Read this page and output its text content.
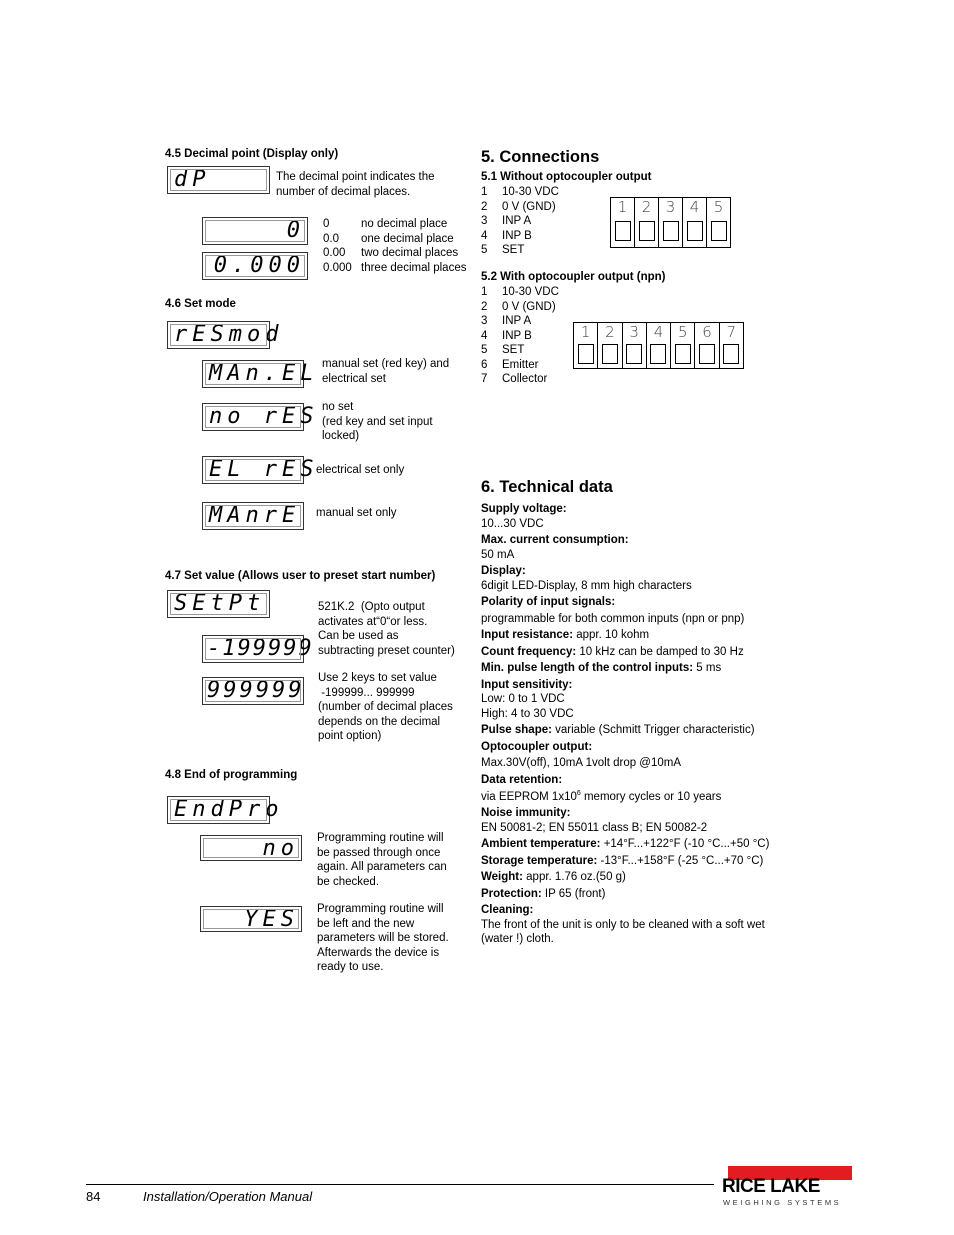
4.5 Decimal point (Display only)
dP	The decimal point indicates the
number of decimal places.
0
0.000
0	no decimal place
0.0	one decimal place
0.00	two decimal places
0.000 three decimal places
4.6 Set mode
rESmod
MAn.EL manual set (red key) and
electrical set
no rES no set
(red key and set input
locked)
EL rES
electrical set only
MAnrE	manual set only
4.7 Set value (Allows user to preset start number)
SEtPt	521K.2  (Opto output
activates at“0“or less.
Can be used as
subtracting preset counter)
-199999
999999 Use 2 keys to set value
-199999... 999999
(number of decimal places
depends on the decimal
point option)
4.8 End of programming
EndPro
no Programming routine will
be passed through once
again. All parameters can
be checked.
YES Programming routine will
be left and the new
parameters will be stored.
Afterwards the device is
ready to use.
5. Connections
5.1 Without optocoupler output
1	10-30 VDC
2	0 V (GND)
3	INP A
4	INP B
5	SET
1 2 3 4 5
5.2 With optocoupler output (npn)
1	10-30 VDC
2	0 V (GND)
3	INP A
4	INP B
5	SET
6	Emitter
7	Collector
1 2 3 4 5 6 7
6. Technical data

Supply voltage:

10...30 VDC

Max. current consumption:

50 mA

Display:

6digit LED-Display, 8 mm high characters

Polarity of input signals:

programmable for both common inputs (npn or pnp)

Input resistance: appr. 10 kohm

Count frequency: 10 kHz can be damped to 30 Hz

Min. pulse length of the control inputs: 5 ms

Input sensitivity:

Low: 0 to 1 VDC

High: 4 to 30 VDC

Pulse shape: variable (Schmitt Trigger characteristic)

Optocoupler output:

Max.30V(off), 10mA 1volt drop @10mA

Data retention:

via EEPROM $1x10^6$ memory cycles or 10 years

Noise immunity:

EN 50081-2; EN 55011 class B; EN 50082-2

Ambient temperature: +14°F...+122°F (-10 °C...+50 °C)

Storage temperature: -13°F...+158°F (-25 °C...+70 °C)

Weight: appr. 1.76 oz.(50 g)

Protection: IP 65 (front)

Cleaning:

The front of the unit is only to be cleaned with a soft wet
(water !) cloth.

84	Installation/Operation Manual	RICE LAKE
WEIGHING SYSTEMS
